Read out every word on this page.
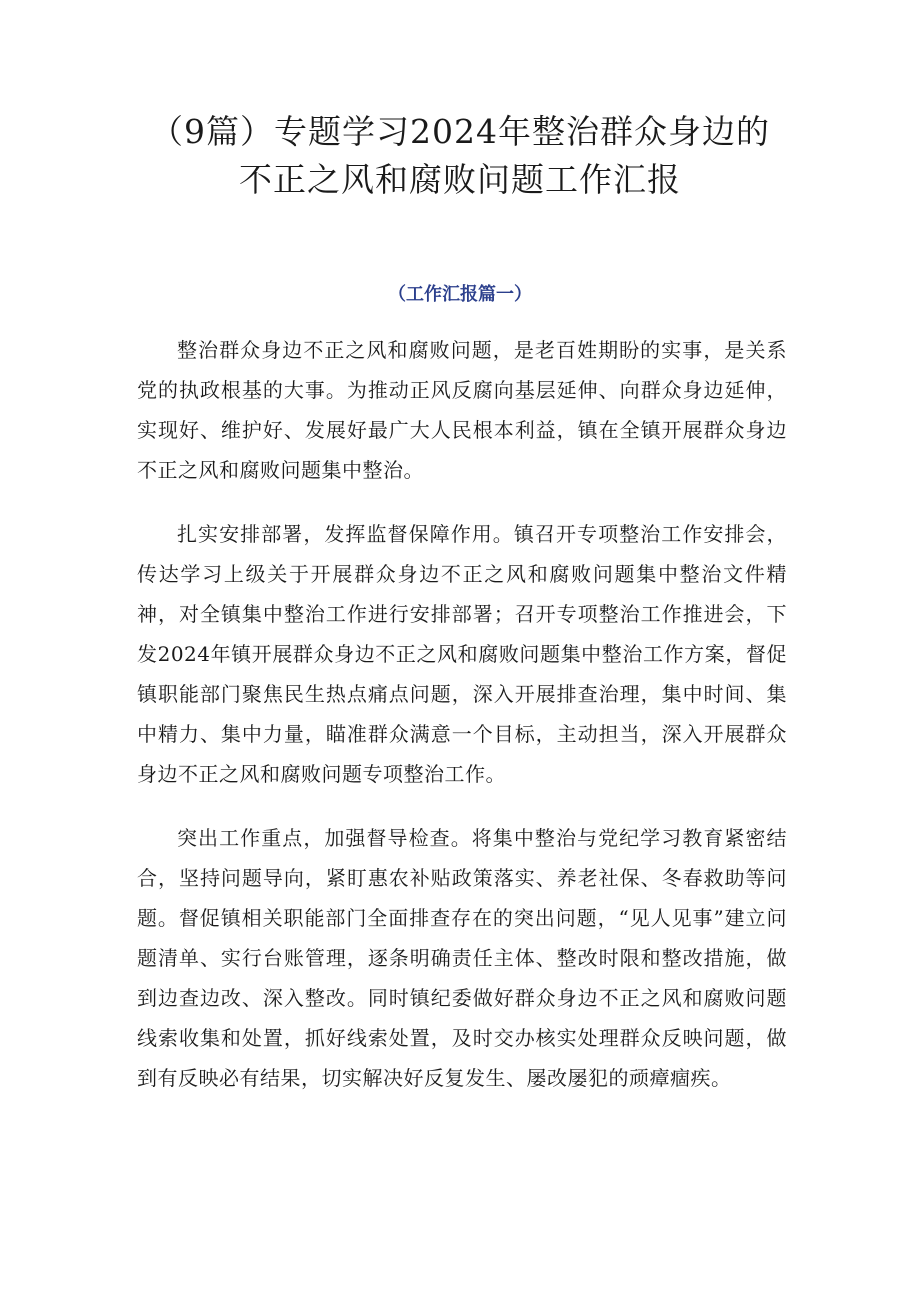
（9篇）专题学习2024年整治群众身边的
不正之风和腐败问题工作汇报
（工作汇报篇一）

整治群众身边不正之风和腐败问题，是老百姓期盼的实事，是关系党的执政根基的大事。为推动正风反腐向基层延伸、向群众身边延伸，实现好、维护好、发展好最广大人民根本利益，镇在全镇开展群众身边不正之风和腐败问题集中整治。

扎实安排部署，发挥监督保障作用。镇召开专项整治工作安排会，传达学习上级关于开展群众身边不正之风和腐败问题集中整治文件精神，对全镇集中整治工作进行安排部署；召开专项整治工作推进会，下发2024年镇开展群众身边不正之风和腐败问题集中整治工作方案，督促镇职能部门聚焦民生热点痛点问题，深入开展排查治理，集中时间、集中精力、集中力量，瞄准群众满意一个目标，主动担当，深入开展群众身边不正之风和腐败问题专项整治工作。

突出工作重点，加强督导检查。将集中整治与党纪学习教育紧密结合，坚持问题导向，紧盯惠农补贴政策落实、养老社保、冬春救助等问题。督促镇相关职能部门全面排查存在的突出问题，“见人见事”建立问题清单、实行台账管理，逐条明确责任主体、整改时限和整改措施，做到边查边改、深入整改。同时镇纪委做好群众身边不正之风和腐败问题线索收集和处置，抓好线索处置，及时交办核实处理群众反映问题，做到有反映必有结果，切实解决好反复发生、屡改屡犯的顽瘴痼疾。
